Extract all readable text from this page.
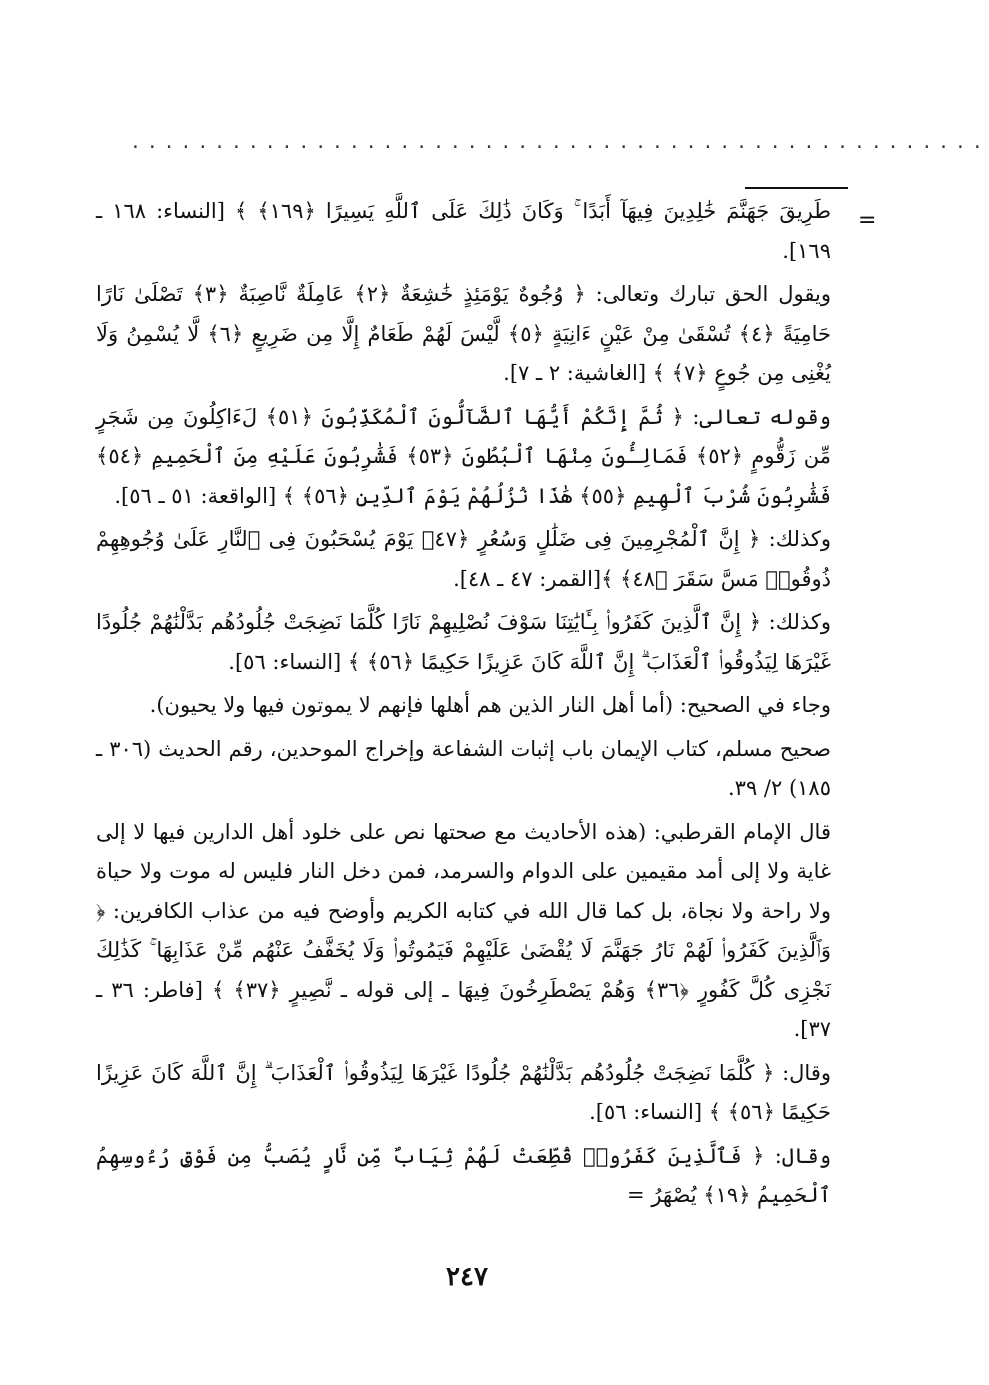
...................................................
=

طَرِيقَ جَهَنَّمَ خَٰلِدِينَ فِيهَآ أَبَدًا ۚ وَكَانَ ذَٰلِكَ عَلَى ٱللَّهِ يَسِيرًا ﴿١٦٩﴾ ﴾ [النساء: ١٦٨ ـ ١٦٩].

ويقول الحق تبارك وتعالى: ﴿ وُجُوهٌ يَوْمَئِذٍ خَٰشِعَةٌ ﴿٢﴾ عَامِلَةٌ نَّاصِبَةٌ ﴿٣﴾ تَصْلَىٰ نَارًا حَامِيَةً ﴿٤﴾ تُسْقَىٰ مِنْ عَيْنٍ ءَانِيَةٍ ﴿٥﴾ لَّيْسَ لَهُمْ طَعَامٌ إِلَّا مِن ضَرِيعٍ ﴿٦﴾ لَّا يُسْمِنُ وَلَا يُغْنِى مِن جُوعٍ ﴿٧﴾ ﴾ [الغاشية: ٢ ـ ٧].

وقوله تعالى: ﴿ ثُمَّ إِنَّكُمْ أَيُّهَا ٱلضَّآلُّونَ ٱلْمُكَذِّبُونَ ﴿٥١﴾ لَءَاكِلُونَ مِن شَجَرٍ مِّن زَقُّومٍ ﴿٥٢﴾ فَمَالِـُٔونَ مِنْهَا ٱلْبُطُونَ ﴿٥٣﴾ فَشَٰرِبُونَ عَلَيْهِ مِنَ ٱلْحَمِيمِ ﴿٥٤﴾ فَشَٰرِبُونَ شُرْبَ ٱلْهِيمِ ﴿٥٥﴾ هَٰذَا نُزُلُهُمْ يَوْمَ ٱلدِّينِ ﴿٥٦﴾ ﴾ [الواقعة: ٥١ ـ ٥٦].

وكذلك: ﴿ إِنَّ ٱلْمُجْرِمِينَ فِى ضَلَٰلٍ وَسُعُرٍ ﴿٤٧﴾ يَوْمَ يُسْحَبُونَ فِى ٱلنَّارِ عَلَىٰ وُجُوهِهِمْ ذُوقُوا۟ مَسَّ سَقَرَ ﴿٤٨﴾ ﴾[القمر: ٤٧ ـ ٤٨].

وكذلك: ﴿ إِنَّ ٱلَّذِينَ كَفَرُوا۟ بِـَٔايَٰتِنَا سَوْفَ نُصْلِيهِمْ نَارًا كُلَّمَا نَضِجَتْ جُلُودُهُم بَدَّلْنَٰهُمْ جُلُودًا غَيْرَهَا لِيَذُوقُوا۟ ٱلْعَذَابَ ۗ إِنَّ ٱللَّهَ كَانَ عَزِيزًا حَكِيمًا ﴿٥٦﴾ ﴾ [النساء: ٥٦].

وجاء في الصحيح: (أما أهل النار الذين هم أهلها فإنهم لا يموتون فيها ولا يحيون).

صحيح مسلم، كتاب الإيمان باب إثبات الشفاعة وإخراج الموحدين، رقم الحديث (٣٠٦ ـ ١٨٥) ٢/ ٣٩.

قال الإمام القرطبي: (هذه الأحاديث مع صحتها نص على خلود أهل الدارين فيها لا إلى غاية ولا إلى أمد مقيمين على الدوام والسرمد، فمن دخل النار فليس له موت ولا حياة ولا راحة ولا نجاة، بل كما قال الله في كتابه الكريم وأوضح فيه من عذاب الكافرين: ﴿ وَٱلَّذِينَ كَفَرُوا۟ لَهُمْ نَارُ جَهَنَّمَ لَا يُقْضَىٰ عَلَيْهِمْ فَيَمُوتُوا۟ وَلَا يُخَفَّفُ عَنْهُم مِّنْ عَذَابِهَا ۚ كَذَٰلِكَ نَجْزِى كُلَّ كَفُورٍ ﴿٣٦﴾ وَهُمْ يَصْطَرِخُونَ فِيهَا ـ إلى قوله ـ نَّصِيرٍ ﴿٣٧﴾ ﴾ [فاطر: ٣٦ ـ ٣٧].

وقال: ﴿ كُلَّمَا نَضِجَتْ جُلُودُهُم بَدَّلْنَٰهُمْ جُلُودًا غَيْرَهَا لِيَذُوقُوا۟ ٱلْعَذَابَ ۗ إِنَّ ٱللَّهَ كَانَ عَزِيزًا حَكِيمًا ﴿٥٦﴾ ﴾ [النساء: ٥٦].

وقال: ﴿ فَٱلَّذِينَ كَفَرُوا۟ قُطِّعَتْ لَهُمْ ثِيَابٌ مِّن نَّارٍ يُصَبُّ مِن فَوْقِ رُءُوسِهِمُ ٱلْحَمِيمُ ﴿١٩﴾ يُصْهَرُ =

٢٤٧
